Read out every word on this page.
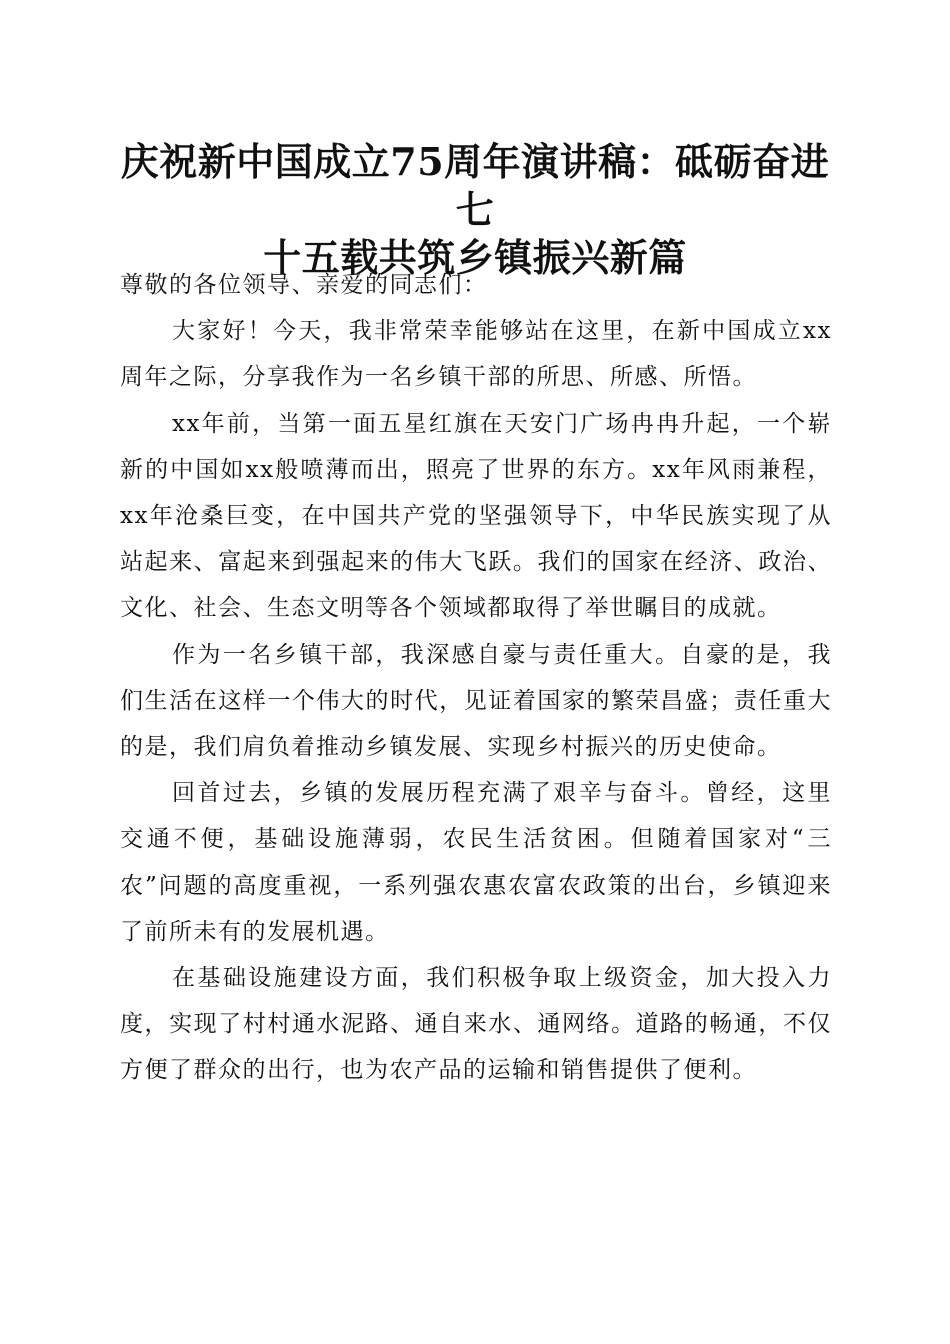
庆祝新中国成立75周年演讲稿：砥砺奋进七
十五载共筑乡镇振兴新篇

尊敬的各位领导、亲爱的同志们：

大家好！今天，我非常荣幸能够站在这里，在新中国成立xx周年之际，分享我作为一名乡镇干部的所思、所感、所悟。

xx年前，当第一面五星红旗在天安门广场冉冉升起，一个崭新的中国如xx般喷薄而出，照亮了世界的东方。xx年风雨兼程，xx年沧桑巨变，在中国共产党的坚强领导下，中华民族实现了从站起来、富起来到强起来的伟大飞跃。我们的国家在经济、政治、文化、社会、生态文明等各个领域都取得了举世瞩目的成就。

作为一名乡镇干部，我深感自豪与责任重大。自豪的是，我们生活在这样一个伟大的时代，见证着国家的繁荣昌盛；责任重大的是，我们肩负着推动乡镇发展、实现乡村振兴的历史使命。

回首过去，乡镇的发展历程充满了艰辛与奋斗。曾经，这里交通不便，基础设施薄弱，农民生活贫困。但随着国家对“三农”问题的高度重视，一系列强农惠农富农政策的出台，乡镇迎来了前所未有的发展机遇。

在基础设施建设方面，我们积极争取上级资金，加大投入力度，实现了村村通水泥路、通自来水、通网络。道路的畅通，不仅方便了群众的出行，也为农产品的运输和销售提供了便利。
